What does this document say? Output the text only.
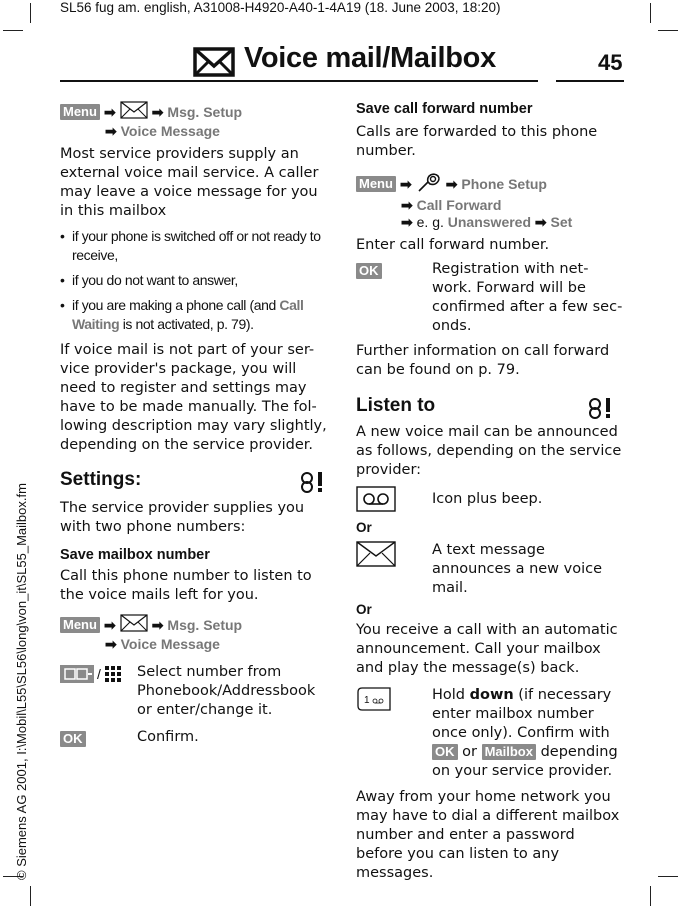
SL56 fug am. english, A31008-H4920-A40-1-4A19 (18. June 2003, 18:20)
© Siemens AG 2001, I:\Mobil\L55\SL56\long\von_it\SL55_Mailbox.fm
Voice mail/Mailbox	45
Menu ➡	➡ Msg. Setup
➡ Voice Message
Most service providers supply an external voice mail service. A caller may leave a voice message for you in this mailbox
• if your phone is switched off or not ready to receive,
• if you do not want to answer,
• if you are making a phone call (and Call Waiting is not activated, p. 79).
If voice mail is not part of your ser-vice provider's package, you will need to register and settings may have to be made manually. The fol-lowing description may vary slightly, depending on the service provider.
Settings:
The service provider supplies you with two phone numbers:
Save mailbox number
Call this phone number to listen to the voice mails left for you.
Menu ➡	➡ Msg. Setup
➡ Voice Message
/ Select number from Phonebook/Addressbook or enter/change it.
OK	Confirm.
Save call forward number
Calls are forwarded to this phone number.
Menu ➡ ➡ Phone Setup
➡ Call Forward
➡ e. g. Unanswered ➡ Set
Enter call forward number.
OK	Registration with net-work. Forward will be confirmed after a few sec-onds.
Further information on call forward can be found on p. 79.
Listen to
A new voice mail can be announced as follows, depending on the service provider:
Icon plus beep.
Or
A text message announces a new voice mail.
Or
You receive a call with an automatic announcement. Call your mailbox and play the message(s) back.
1	Hold down (if necessary enter mailbox number once only). Confirm with OK or Mailbox depending on your service provider.
Away from your home network you may have to dial a different mailbox number and enter a password before you can listen to any messages.
